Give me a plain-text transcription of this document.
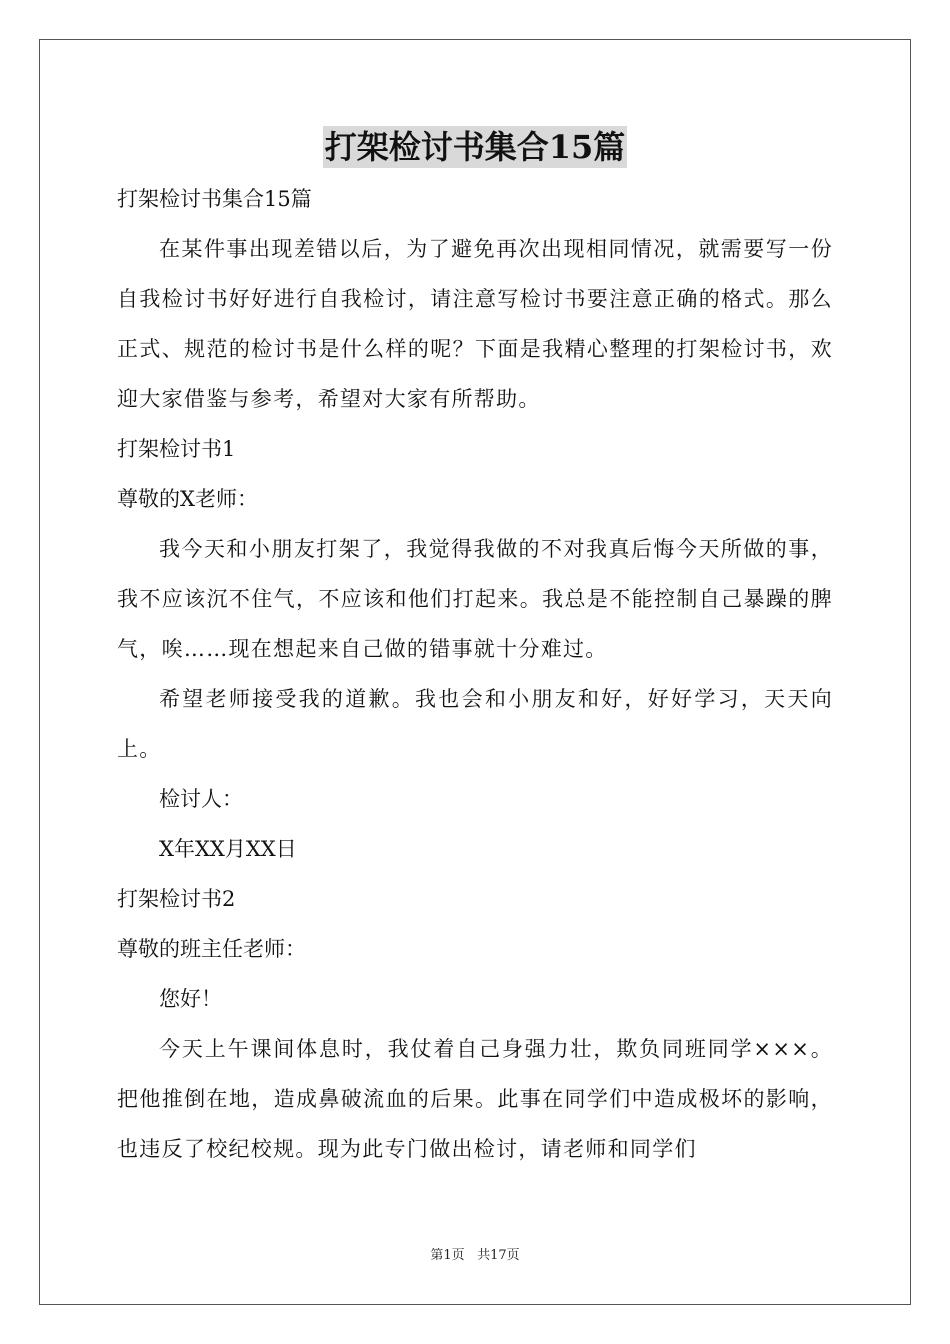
打架检讨书集合15篇
打架检讨书集合15篇
在某件事出现差错以后，为了避免再次出现相同情况，就需要写一份自我检讨书好好进行自我检讨，请注意写检讨书要注意正确的格式。那么正式、规范的检讨书是什么样的呢？下面是我精心整理的打架检讨书，欢迎大家借鉴与参考，希望对大家有所帮助。
打架检讨书1
尊敬的X老师：
我今天和小朋友打架了，我觉得我做的不对我真后悔今天所做的事，我不应该沉不住气，不应该和他们打起来。我总是不能控制自己暴躁的脾气，唉……现在想起来自己做的错事就十分难过。
希望老师接受我的道歉。我也会和小朋友和好，好好学习，天天向上。
检讨人：
X年XX月XX日
打架检讨书2
尊敬的班主任老师：
您好！
今天上午课间体息时，我仗着自己身强力壮，欺负同班同学×××。把他推倒在地，造成鼻破流血的后果。此事在同学们中造成极坏的影响，也违反了校纪校规。现为此专门做出检讨，请老师和同学们
第1页 共17页
